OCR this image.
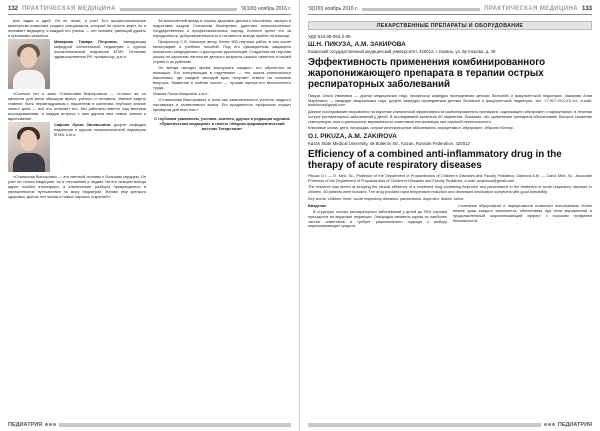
132 ПРАКТИЧЕСКАЯ МЕДИЦИНА	'9(100) ноябрь 2016 г.

вых задач и идей. Он не лечит, а учит. Его профессиональное мастерство позволяет создать специалиста, который не просто знает, но и понимает медицину, а каждый его ученик — это человек, умеющий думать и принимать решения.

Макарова Тамара Петровна, заведующая кафедрой госпитальной педиатрии с курсом поликлинической педиатрии КГМУ, Отличник здравоохранения РФ, профессор, д.м.н.

«Сколько лет я знаю Станислава Викторовича — столько же он является для меня образцом врача, учёного и человека. Умение видеть главное, быть неравнодушным к пациентам и коллегам, глубокое знание своего дела — всё это отличает его. Мы работали вместе над многими исследованиями, и каждая встреча с ним дарила мне новые знания и вдохновение.

Сафина Луиза Зиновьевна, доцент кафедры педиатрии с курсом поликлинической педиатрии КГМА, к.м.н.

«Станислав Викторович — это светлый человек с большим сердцем. Он учит не только медицине, но и отношению к людям. На его лекциях всегда царит особая атмосфера, а клинические разборы превращаются в увлекательное путешествие по миру педиатрии. Желаю ему крепкого здоровья, долгих лет жизни и новых научных открытий!»

За многолетний вклад в охрану здоровья детского населения, заслуги в подготовке кадров Станислав Викторович удостоен многочисленных государственных и профессиональных наград. Коллеги ценят его за порядочность, доброжелательность и готовность всегда прийти на помощь.

Профессор С.В. Мальцев автор более 500 научных работ, в том числе монографий и учебных пособий. Под его руководством защищено множество кандидатских и докторских диссертаций. Созданная им научная школа по изучению патологии детского возраста широко известна в нашей стране и за рубежом.

Он всегда находит время выслушать каждого, кто обратился за помощью. Его консультации в отделениях — это школа клинического мышления, где каждый молодой врач получает ответы на сложные вопросы. Уважение и любовь коллег — лучшая оценка его многолетнего труда.

Ишкина Лилия Анваровна, к.м.н.:

«Станислава Викторовича я знаю как замечательного учителя, мудрого наставника и талантливого врача. Его преданность профессии служит примером для всех нас.»

С глубоким уважением, ученики, коллеги, друзья и редакция журнала «Практическая медицина» и газеты «Медико-фармацевтический вестник Татарстана»
ПЕДИАТРИЯ
'9(100) ноябрь 2016 г.	ПРАКТИЧЕСКАЯ МЕДИЦИНА 133
ЛЕКАРСТВЕННЫЕ ПРЕПАРАТЫ И ОБОРУДОВАНИЕ
УДК 616.98-053.2-08
Ш.Н. ПИКУЗА, А.М. ЗАКИРОВА
Казанский государственный медицинский университет, 420012, г. Казань, ул. Бутлерова, д. 49
Эффективность применения комбинированного жаропонижающего препарата в терапии острых респираторных заболеваний
Пикуза Ольга Ивановна — доктор медицинских наук, профессор кафедры пропедевтики детских болезней и факультетской педиатрии; Закирова Алия Маратовна — кандидат медицинских наук, доцент кафедры пропедевтики детских болезней и факультетской педиатрии, тел. +7-917-XXX-XX-XX, e-mail: azakirova@gmail.com
Данное исследование направлено на изучение клинической эффективности комбинированного препарата, содержащего ибупрофен и парацетамол, в лечении острых респираторных заболеваний у детей. В исследование включено 60 пациентов. Показано, что применение препарата обеспечивает быстрое снижение температуры тела и уменьшение выраженности симптомов интоксикации при хорошей переносимости.
Ключевые слова: дети, лихорадка, острые респираторные заболевания, парацетамол, ибупрофен, Ибуклин Юниор.
O.I. PIKUZA, A.M. ZAKIROVA
Kazan State Medical University, 49 Butlerov Str., Kazan, Russian Federation, 420012
Efficiency of a combined anti-inflammatory drug in the therapy of acute respiratory diseases
Pikuza O.I. — D. Med. Sc., Professor of the Department of Propaedeutics of Children's Diseases and Faculty Pediatrics; Zakirova A.M. — Cand. Med. Sc., Associate Professor of the Department of Propaedeutics of Children's Diseases and Faculty Pediatrics, e-mail: azakirova@gmail.com
The research was aimed at studying the clinical efficiency of a combined drug containing ibuprofen and paracetamol in the treatment of acute respiratory diseases in children. 60 patients were included. The drug provided rapid temperature reduction and decreased intoxication symptoms with good tolerability.
Key words: children, fever, acute respiratory diseases, paracetamol, ibuprofen, Ibuklin Junior.

Введение

В структуре острых респираторных заболеваний у детей до 90% случаев приходится на вирусные инфекции. Лихорадка является одним из наиболее частых симптомов и требует рационального подхода к выбору жаропонижающих средств.

Сочетание ибупрофена и парацетамола позволяет использовать более низкие дозы каждого компонента, обеспечивая при этом выраженный и продолжительный жаропонижающий эффект с хорошим профилем безопасности.

ПЕДИАТРИЯ
